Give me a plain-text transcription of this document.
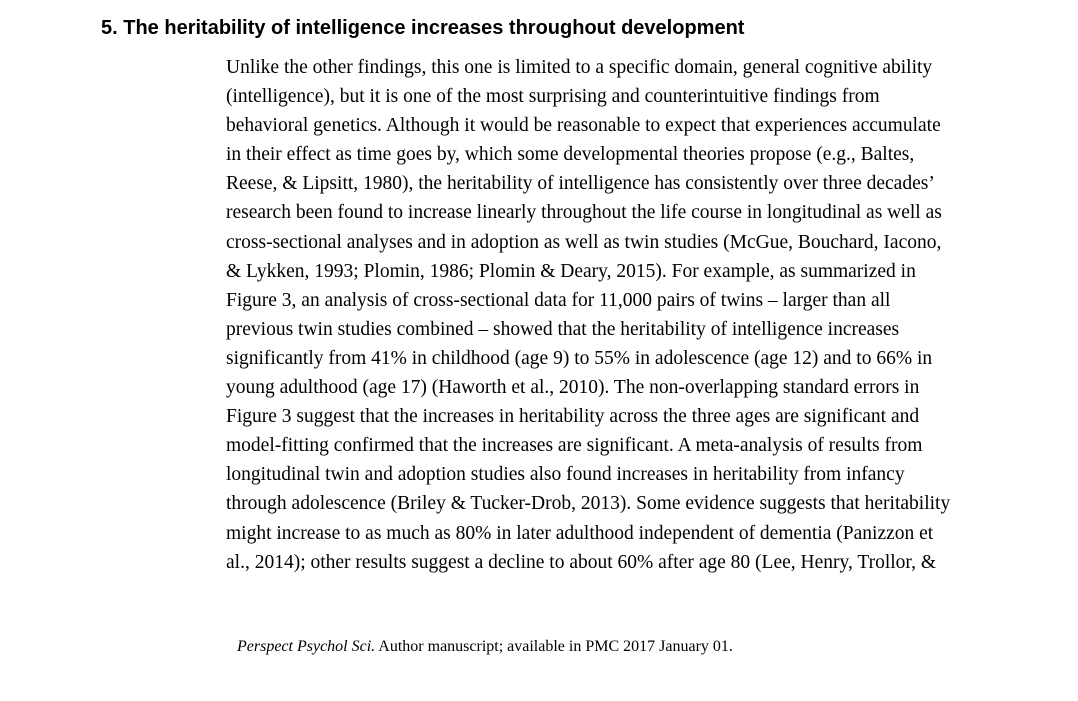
5. The heritability of intelligence increases throughout development
Unlike the other findings, this one is limited to a specific domain, general cognitive ability
(intelligence), but it is one of the most surprising and counterintuitive findings from
behavioral genetics. Although it would be reasonable to expect that experiences accumulate
in their effect as time goes by, which some developmental theories propose (e.g., Baltes,
Reese, & Lipsitt, 1980), the heritability of intelligence has consistently over three decades’
research been found to increase linearly throughout the life course in longitudinal as well as
cross-sectional analyses and in adoption as well as twin studies (McGue, Bouchard, Iacono,
& Lykken, 1993; Plomin, 1986; Plomin & Deary, 2015). For example, as summarized in
Figure 3, an analysis of cross-sectional data for 11,000 pairs of twins – larger than all
previous twin studies combined – showed that the heritability of intelligence increases
significantly from 41% in childhood (age 9) to 55% in adolescence (age 12) and to 66% in
young adulthood (age 17) (Haworth et al., 2010). The non-overlapping standard errors in
Figure 3 suggest that the increases in heritability across the three ages are significant and
model-fitting confirmed that the increases are significant. A meta-analysis of results from
longitudinal twin and adoption studies also found increases in heritability from infancy
through adolescence (Briley & Tucker-Drob, 2013). Some evidence suggests that heritability
might increase to as much as 80% in later adulthood independent of dementia (Panizzon et
al., 2014); other results suggest a decline to about 60% after age 80 (Lee, Henry, Trollor, &

Perspect Psychol Sci. Author manuscript; available in PMC 2017 January 01.
